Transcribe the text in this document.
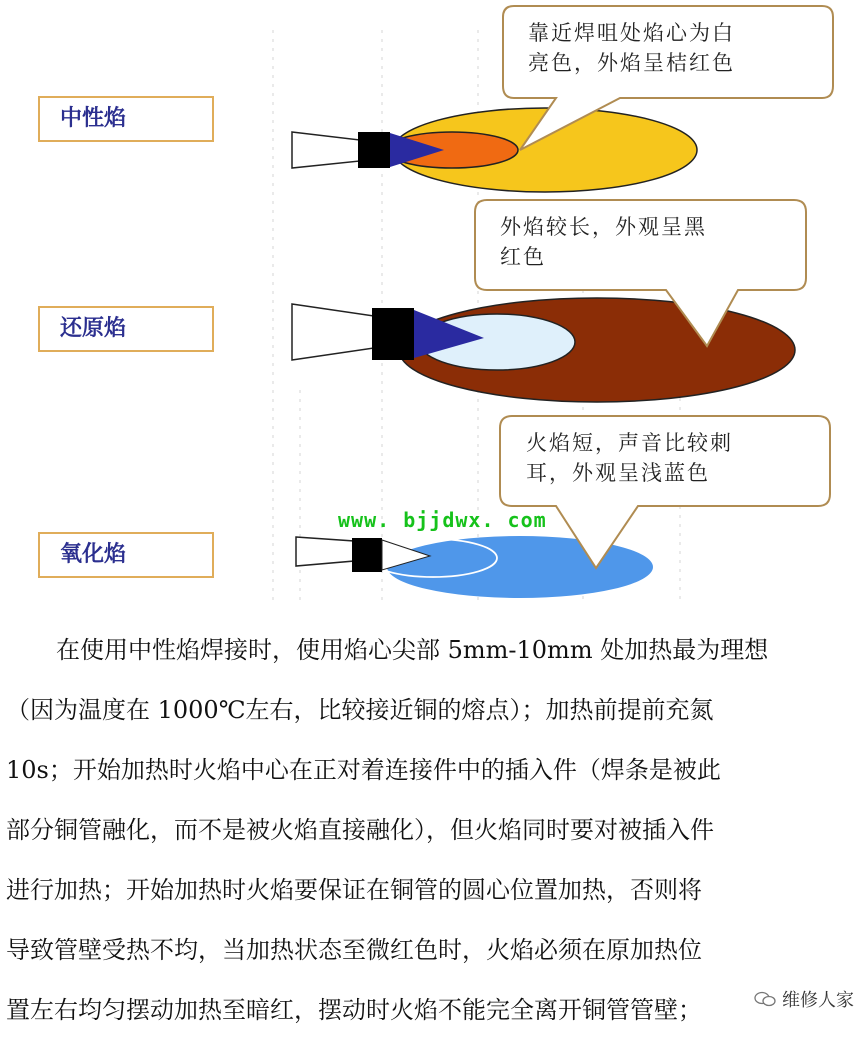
中性焰
还原焰
氧化焰
靠近焊咀处焰心为白
亮色，外焰呈桔红色
外焰较长，外观呈黑
红色
火焰短，声音比较刺
耳，外观呈浅蓝色
www. bjjdwx. com
在使用中性焰焊接时，使用焰心尖部 5mm-10mm 处加热最为理想
（因为温度在 1000℃左右，比较接近铜的熔点）；加热前提前充氮
10s；开始加热时火焰中心在正对着连接件中的插入件（焊条是被此
部分铜管融化，而不是被火焰直接融化），但火焰同时要对被插入件
进行加热；开始加热时火焰要保证在铜管的圆心位置加热，否则将
导致管壁受热不均，当加热状态至微红色时，火焰必须在原加热位
置左右均匀摆动加热至暗红，摆动时火焰不能完全离开铜管管壁；	维修人家
